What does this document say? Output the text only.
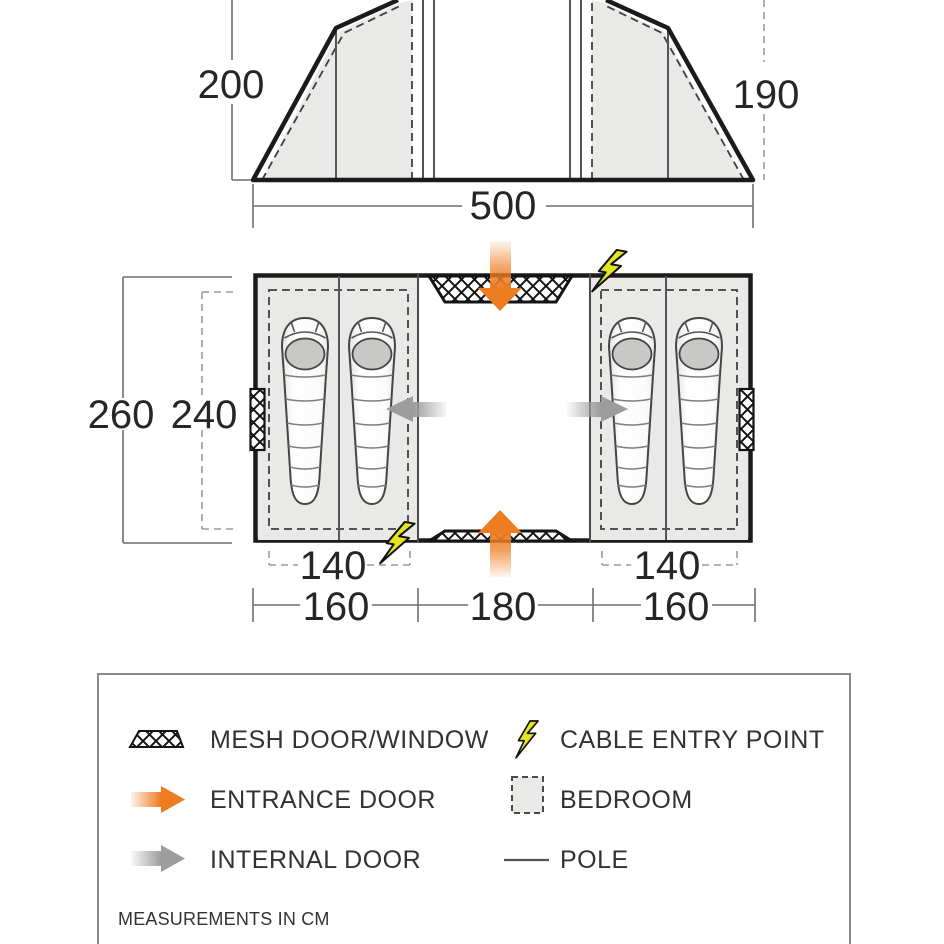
200	190
500
140	140
160	180	160
260 240
MESH DOOR/WINDOW	CABLE ENTRY POINT
ENTRANCE DOOR	BEDROOM
INTERNAL DOOR	POLE
MEASUREMENTS IN CM
